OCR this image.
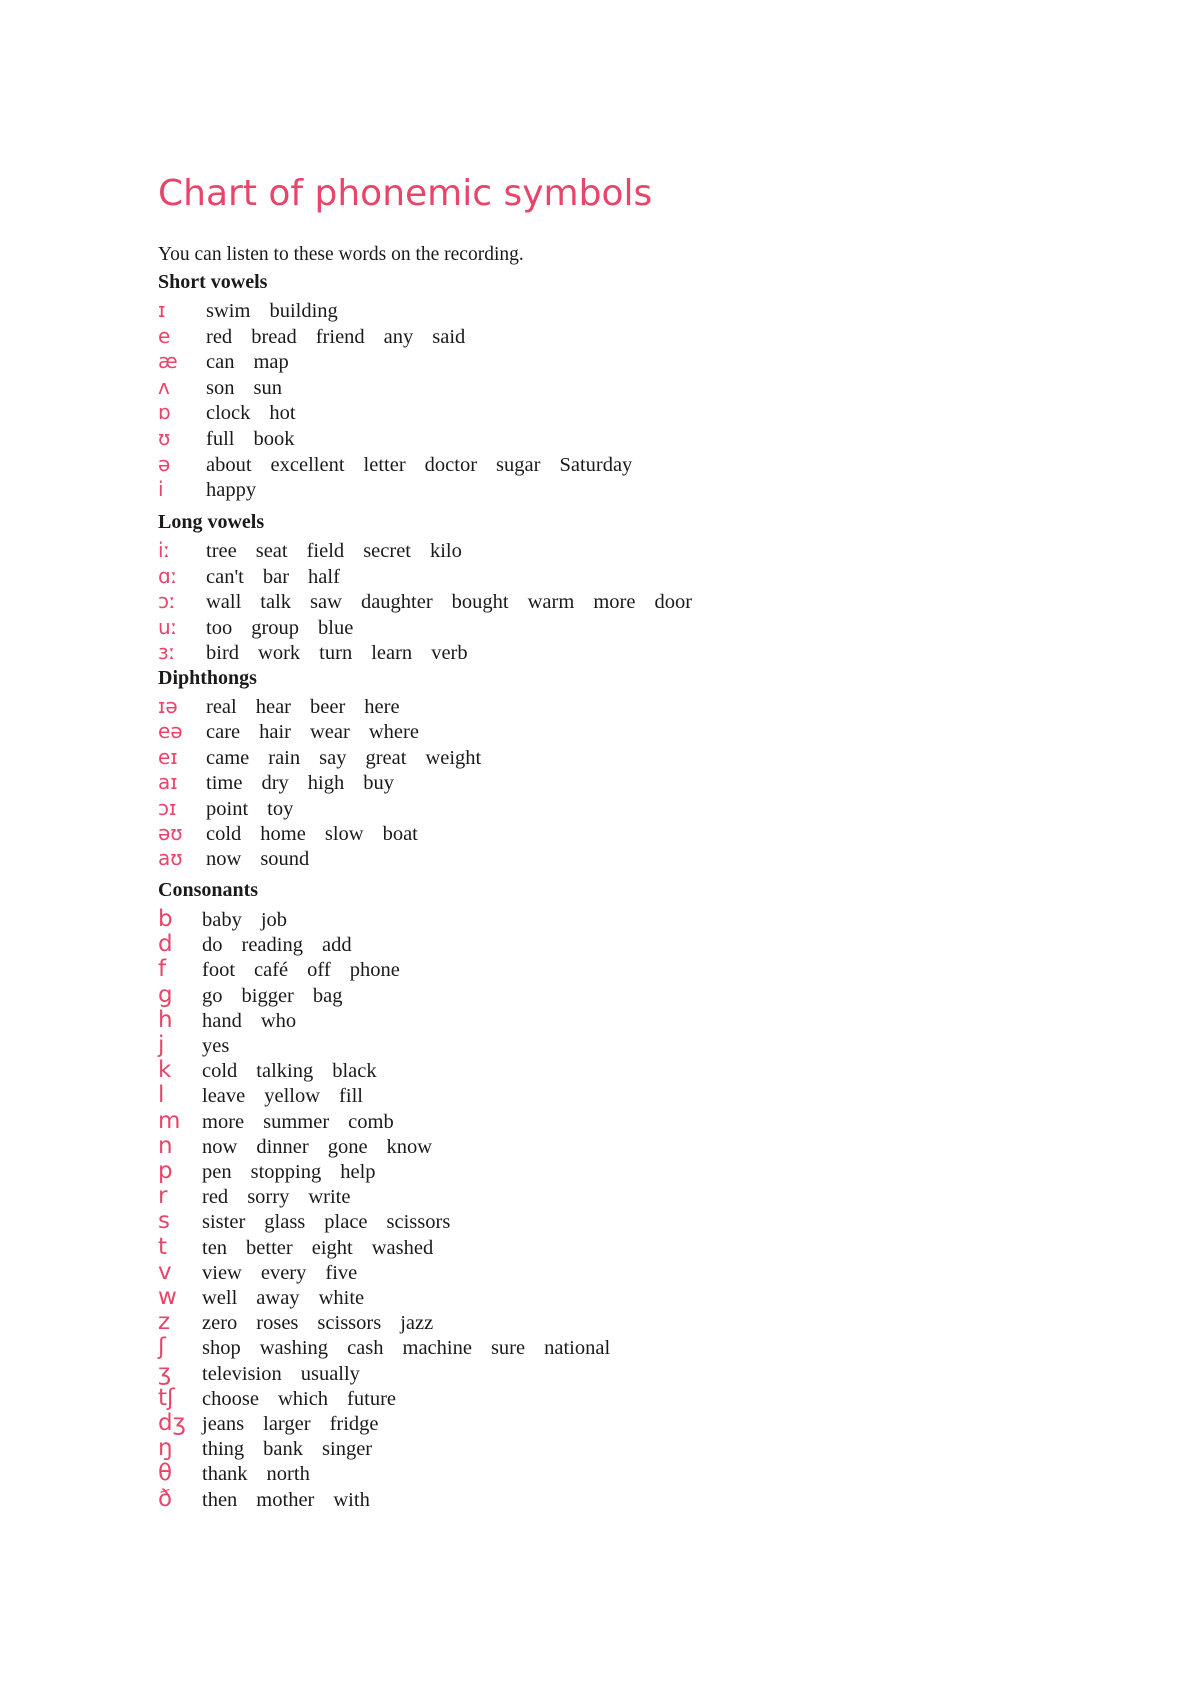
Chart of phonemic symbols

You can listen to these words on the recording.

Short vowels
ɪ	swim building
e	red bread friend any said
æ	can map
ʌ	son sun
ɒ	clock hot
ʊ	full book
ə	about excellent letter doctor sugar Saturday
i	happy
Long vowels
iː	tree seat field secret kilo
ɑː	can't bar half
ɔː	wall talk saw daughter bought warm more door
uː	too group blue
ɜː	bird work turn learn verb
Diphthongs
ɪə	real hear beer here
eə	care hair wear where
eɪ	came rain say great weight
aɪ	time dry high buy
ɔɪ	point toy
əʊ	cold home slow boat
aʊ	now sound
Consonants
b	baby job
d	do reading add
f	foot café off phone
g	go bigger bag
h	hand who
j	yes
k	cold talking black
l	leave yellow fill
m	more summer comb
n	now dinner gone know
p	pen stopping help
r	red sorry write
s	sister glass place scissors
t	ten better eight washed
v	view every five
w	well away white
z	zero roses scissors jazz
ʃ	shop washing cash machine sure national
ʒ	television usually
tʃ	choose which future
dʒ jeans larger fridge
ŋ	thing bank singer
θ	thank north
ð	then mother with
